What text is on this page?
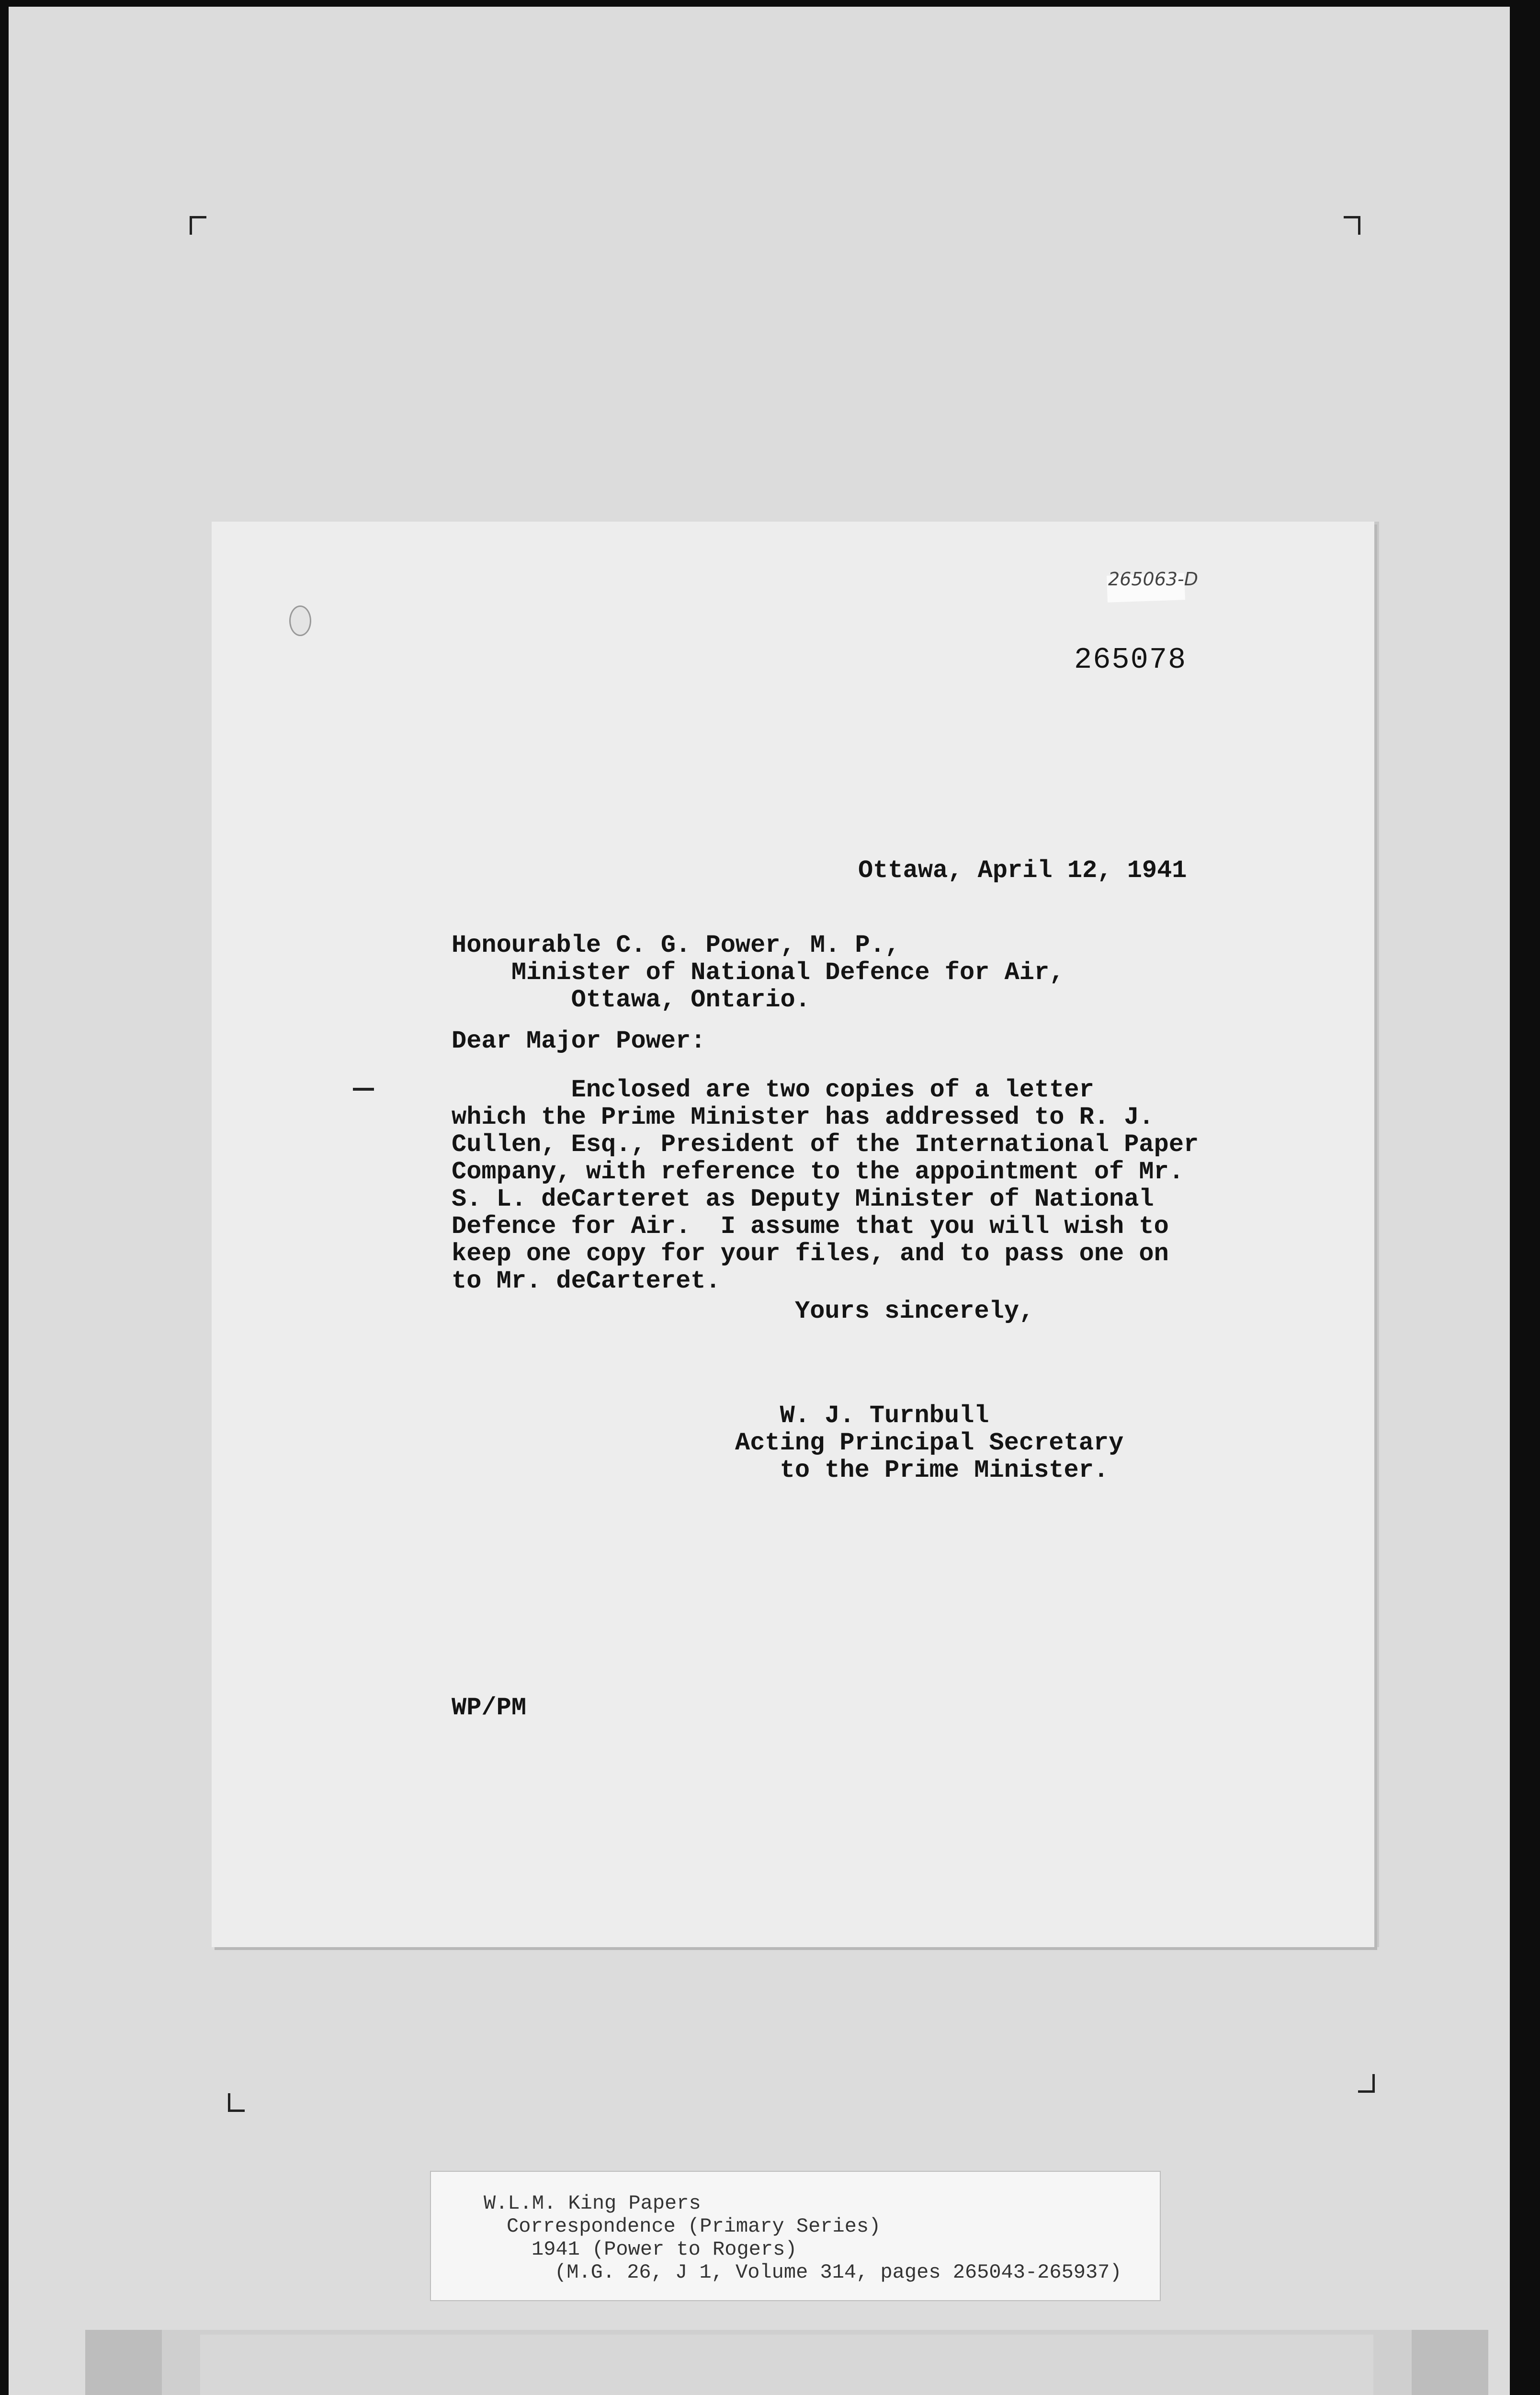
265063-D

265078

Ottawa, April 12, 1941

Honourable C. G. Power, M. P.,

Minister of National Defence for Air,

Ottawa, Ontario.

Dear Major Power:

Enclosed are two copies of a letter

which the Prime Minister has addressed to R. J.

Cullen, Esq., President of the International Paper

Company, with reference to the appointment of Mr.

S. L. deCarteret as Deputy Minister of National

Defence for Air.  I assume that you will wish to

keep one copy for your files, and to pass one on

to Mr. deCarteret.

Yours sincerely,

W. J. Turnbull

Acting Principal Secretary

to the Prime Minister.

WP/PM

W.L.M. King Papers

Correspondence (Primary Series)

1941 (Power to Rogers)

(M.G. 26, J 1, Volume 314, pages 265043-265937)
